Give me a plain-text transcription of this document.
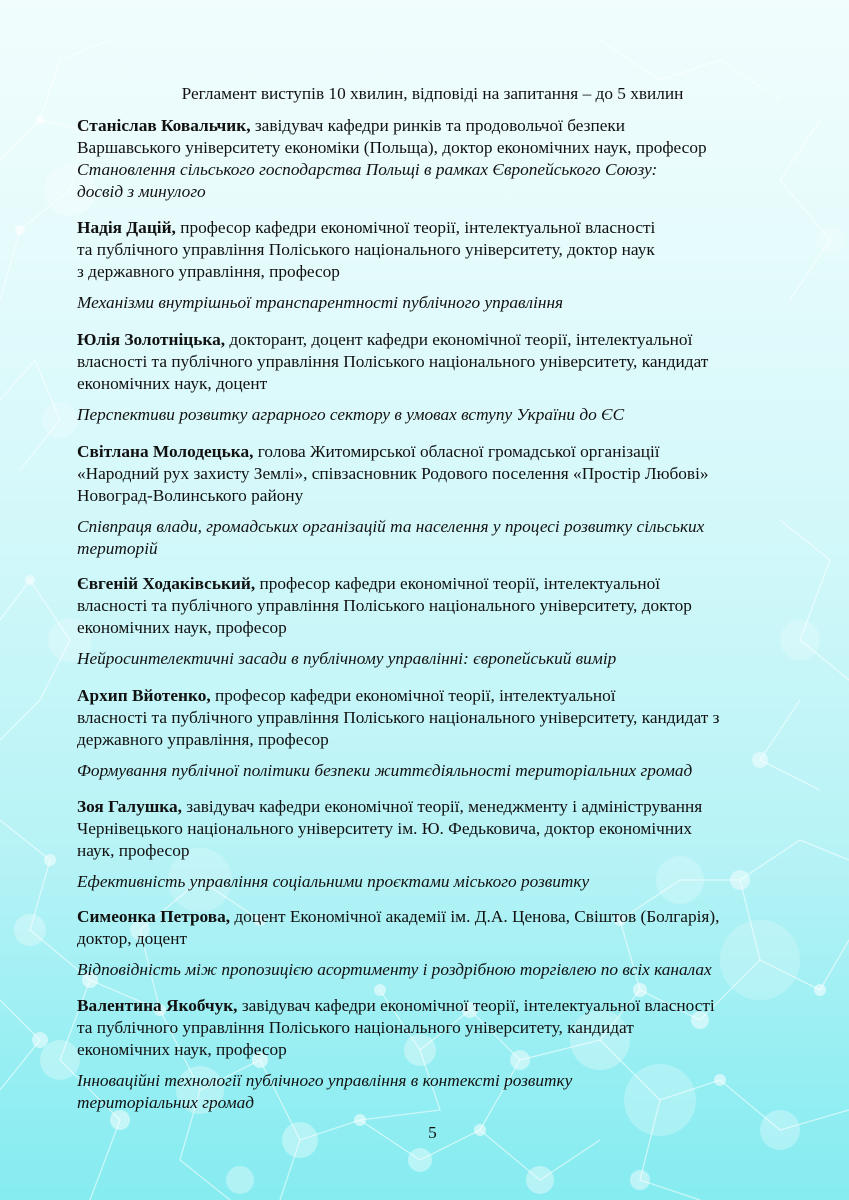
Регламент виступів 10 хвилин, відповіді на запитання – до 5 хвилин
Станіслав Ковальчик, завідувач кафедри ринків та продовольчої безпеки
Варшавського університету економіки (Польща), доктор економічних наук, професор
Становлення сільського господарства Польщі в рамках Європейського Союзу:
досвід з минулого
Надія Дацій, професор кафедри економічної теорії, інтелектуальної власності
та публічного управління Поліського національного університету, доктор наук
з державного управління, професор
Механізми внутрішньої транспарентності публічного управління
Юлія Золотніцька, докторант, доцент кафедри економічної теорії, інтелектуальної
власності та публічного управління Поліського національного університету, кандидат
економічних наук, доцент
Перспективи розвитку аграрного сектору в умовах вступу України до ЄС
Світлана Молодецька, голова Житомирської обласної громадської організації
«Народний рух захисту Землі», співзасновник Родового поселення «Простір Любові»
Новоград-Волинського району
Співпраця влади, громадських організацій та населення у процесі розвитку сільських
територій
Євгеній Ходаківський, професор кафедри економічної теорії, інтелектуальної
власності та публічного управління Поліського національного університету, доктор
економічних наук, професор
Нейросинтелектичні засади в публічному управлінні: європейський вимір
Архип Вйотенко, професор кафедри економічної теорії, інтелектуальної
власності та публічного управління Поліського національного університету, кандидат з
державного управління, професор
Формування публічної політики безпеки життєдіяльності територіальних громад
Зоя Галушка, завідувач кафедри економічної теорії, менеджменту і адміністрування
Чернівецького національного університету ім. Ю. Федьковича, доктор економічних
наук, професор
Ефективність управління соціальними проєктами міського розвитку
Симеонка Петрова, доцент Економічної академії ім. Д.А. Ценова, Свіштов (Болгарія),
доктор, доцент
Відповідність між пропозицією асортименту і роздрібною торгівлею по всіх каналах
Валентина Якобчук, завідувач кафедри економічної теорії, інтелектуальної власності
та публічного управління Поліського національного університету, кандидат
економічних наук, професор
Інноваційні технології публічного управління в контексті розвитку
територіальних громад
5
